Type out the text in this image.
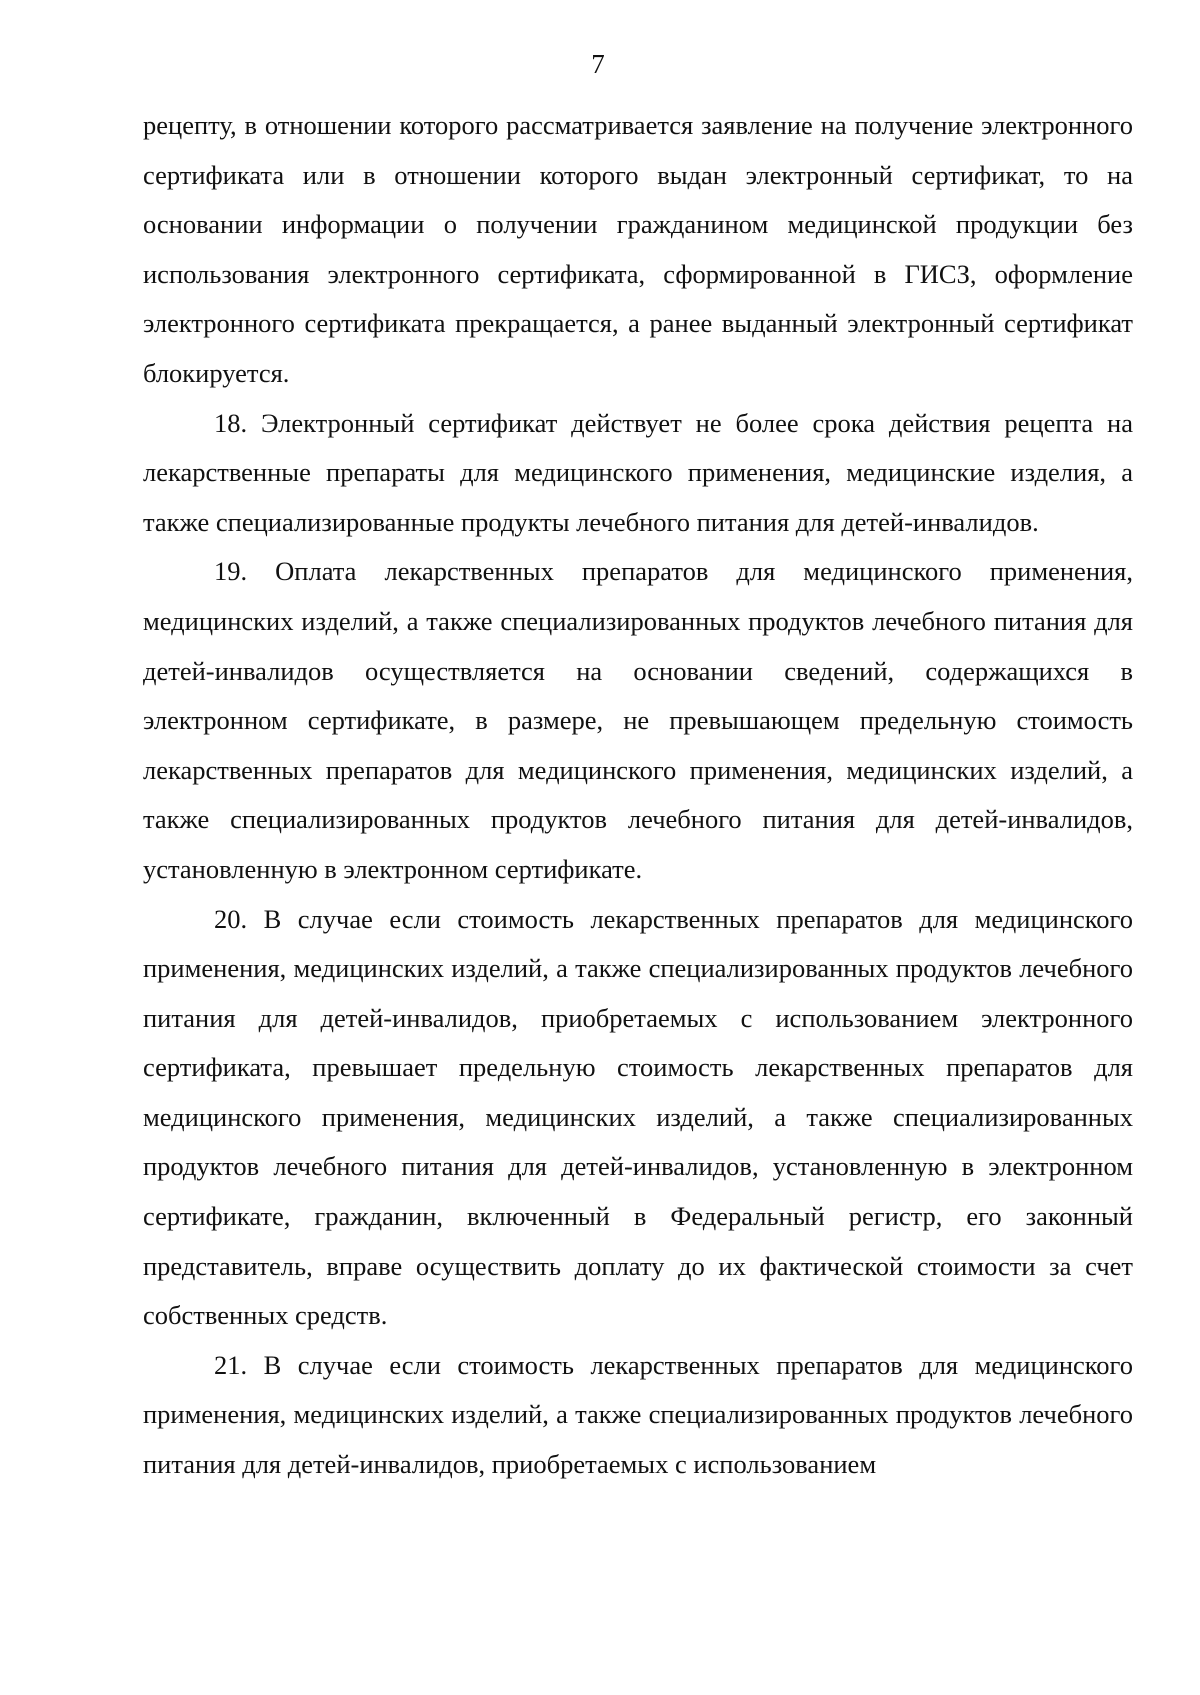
7

рецепту, в отношении которого рассматривается заявление на получение электронного сертификата или в отношении которого выдан электронный сертификат, то на основании информации о получении гражданином медицинской продукции без использования электронного сертификата, сформированной в ГИСЗ, оформление электронного сертификата прекращается, а ранее выданный электронный сертификат блокируется.

18. Электронный сертификат действует не более срока действия рецепта на лекарственные препараты для медицинского применения, медицинские изделия, а также специализированные продукты лечебного питания для детей-инвалидов.

19. Оплата лекарственных препаратов для медицинского применения, медицинских изделий, а также специализированных продуктов лечебного питания для детей-инвалидов осуществляется на основании сведений, содержащихся в электронном сертификате, в размере, не превышающем предельную стоимость лекарственных препаратов для медицинского применения, медицинских изделий, а также специализированных продуктов лечебного питания для детей-инвалидов, установленную в электронном сертификате.

20. В случае если стоимость лекарственных препаратов для медицинского применения, медицинских изделий, а также специализированных продуктов лечебного питания для детей-инвалидов, приобретаемых с использованием электронного сертификата, превышает предельную стоимость лекарственных препаратов для медицинского применения, медицинских изделий, а также специализированных продуктов лечебного питания для детей-инвалидов, установленную в электронном сертификате, гражданин, включенный в Федеральный регистр, его законный представитель, вправе осуществить доплату до их фактической стоимости за счет собственных средств.

21. В случае если стоимость лекарственных препаратов для медицинского применения, медицинских изделий, а также специализированных продуктов лечебного питания для детей-инвалидов, приобретаемых с использованием
